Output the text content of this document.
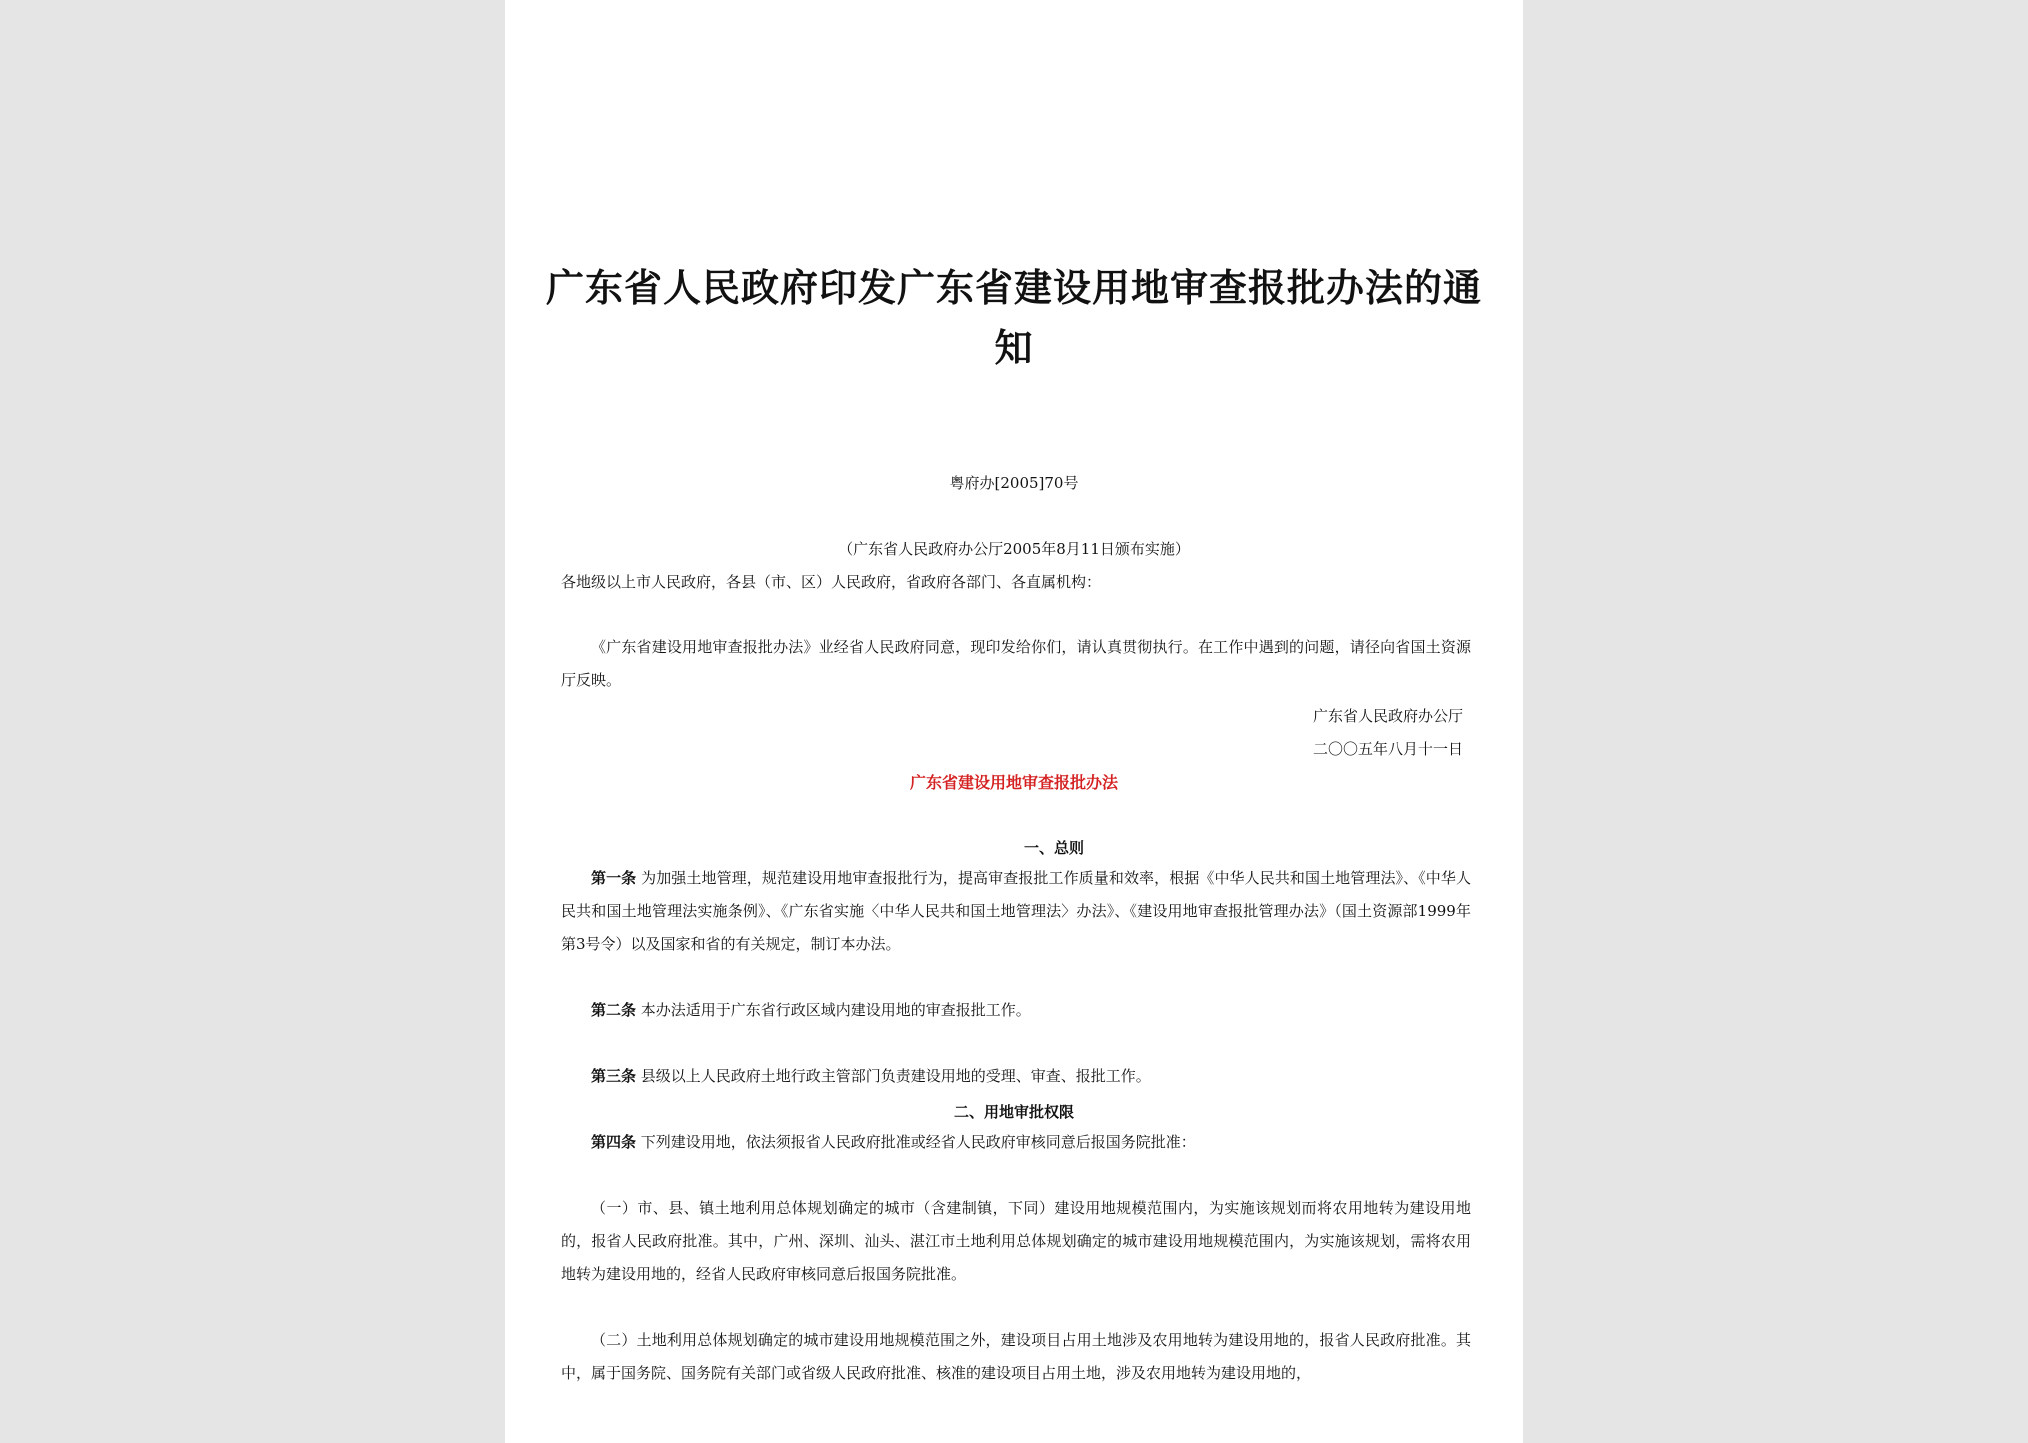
广东省人民政府印发广东省建设用地审查报批办法的通知
粤府办[2005]70号
（广东省人民政府办公厅2005年8月11日颁布实施）
各地级以上市人民政府，各县（市、区）人民政府，省政府各部门、各直属机构：
《广东省建设用地审查报批办法》业经省人民政府同意，现印发给你们，请认真贯彻执行。在工作中遇到的问题，请径向省国土资源厅反映。
广东省人民政府办公厅
二〇〇五年八月十一日
广东省建设用地审查报批办法
一、总则
第一条 为加强土地管理，规范建设用地审查报批行为，提高审查报批工作质量和效率，根据《中华人民共和国土地管理法》、《中华人民共和国土地管理法实施条例》、《广东省实施〈中华人民共和国土地管理法〉办法》、《建设用地审查报批管理办法》（国土资源部1999年第3号令）以及国家和省的有关规定，制订本办法。
第二条 本办法适用于广东省行政区域内建设用地的审查报批工作。
第三条 县级以上人民政府土地行政主管部门负责建设用地的受理、审查、报批工作。
二、用地审批权限
第四条 下列建设用地，依法须报省人民政府批准或经省人民政府审核同意后报国务院批准：
（一）市、县、镇土地利用总体规划确定的城市（含建制镇，下同）建设用地规模范围内，为实施该规划而将农用地转为建设用地的，报省人民政府批准。其中，广州、深圳、汕头、湛江市土地利用总体规划确定的城市建设用地规模范围内，为实施该规划，需将农用地转为建设用地的，经省人民政府审核同意后报国务院批准。
（二）土地利用总体规划确定的城市建设用地规模范围之外，建设项目占用土地涉及农用地转为建设用地的，报省人民政府批准。其中，属于国务院、国务院有关部门或省级人民政府批准、核准的建设项目占用土地，涉及农用地转为建设用地的，
